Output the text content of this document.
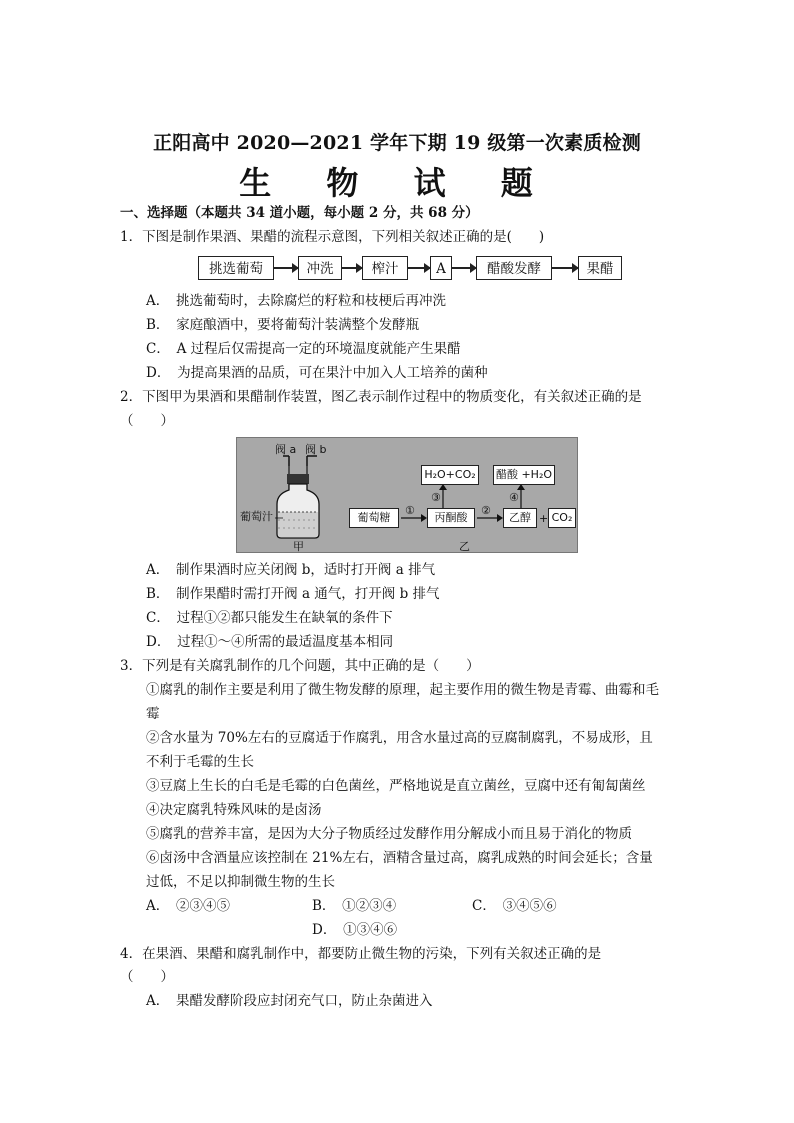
正阳高中 2020—2021 学年下期 19 级第一次素质检测
生 物 试 题
一、选择题（本题共 34 道小题，每小题 2 分，共 68 分）
1．下图是制作果酒、果醋的流程示意图，下列相关叙述正确的是(　　)
挑选葡萄	冲洗	榨汁	A	醋酸发酵	果醋
A．　挑选葡萄时，去除腐烂的籽粒和枝梗后再冲洗
B．　家庭酿酒中，要将葡萄汁装满整个发酵瓶
C．　A 过程后仅需提高一定的环境温度就能产生果醋
D．　为提高果酒的品质，可在果汁中加入人工培养的菌种
2．下图甲为果酒和果醋制作装置，图乙表示制作过程中的物质变化，有关叙述正确的是
（　　）
阀 a 阀 b
葡萄汁
甲	乙
H₂O+CO₂	醋酸 +H₂O
葡萄糖	丙酮酸	乙醇 + CO₂
①	②
③	④
A．　制作果酒时应关闭阀 b，适时打开阀 a 排气
B．　制作果醋时需打开阀 a 通气，打开阀 b 排气
C．　过程①②都只能发生在缺氧的条件下
D．　过程①～④所需的最适温度基本相同
3．下列是有关腐乳制作的几个问题，其中正确的是（　　）
①腐乳的制作主要是利用了微生物发酵的原理，起主要作用的微生物是青霉、曲霉和毛
霉
②含水量为 70%左右的豆腐适于作腐乳，用含水量过高的豆腐制腐乳，不易成形，且
不利于毛霉的生长
③豆腐上生长的白毛是毛霉的白色菌丝，严格地说是直立菌丝，豆腐中还有匍匐菌丝
④决定腐乳特殊风味的是卤汤
⑤腐乳的营养丰富，是因为大分子物质经过发酵作用分解成小而且易于消化的物质
⑥卤汤中含酒量应该控制在 21%左右，酒精含量过高，腐乳成熟的时间会延长；含量
过低，不足以抑制微生物的生长
A．　②③④⑤	B．　①②③④	C．　③④⑤⑥
D．　①③④⑥
4．在果酒、果醋和腐乳制作中，都要防止微生物的污染，下列有关叙述正确的是
（　　）
A．　果醋发酵阶段应封闭充气口，防止杂菌进入
